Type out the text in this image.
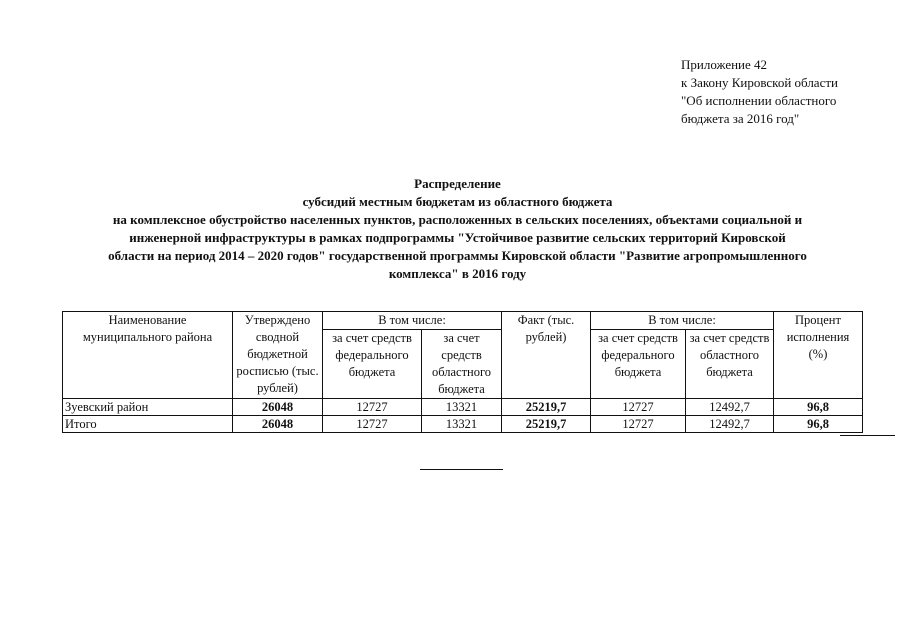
Приложение 42
к Закону Кировской области
"Об исполнении областного
бюджета за 2016 год"
Распределение
субсидий местным бюджетам из областного бюджета
на комплексное обустройство населенных пунктов, расположенных в сельских поселениях, объектами социальной и
инженерной инфраструктуры в рамках подпрограммы "Устойчивое развитие сельских территорий Кировской
области на период 2014 – 2020 годов" государственной программы Кировской области "Развитие агропромышленного
комплекса" в 2016 году
Наименование муниципального района	Утверждено сводной бюджетной росписью (тыс. рублей)	В том числе:		Факт (тыс. рублей)	В том числе:		Процент исполнения (%)
		за счет средств федерального бюджета	за счет средств областного бюджета		за счет средств федерального бюджета	за счет средств областного бюджета	
Зуевский район	26048	12727	13321	25219,7	12727	12492,7	96,8
Итого	26048	12727	13321	25219,7	12727	12492,7	96,8
